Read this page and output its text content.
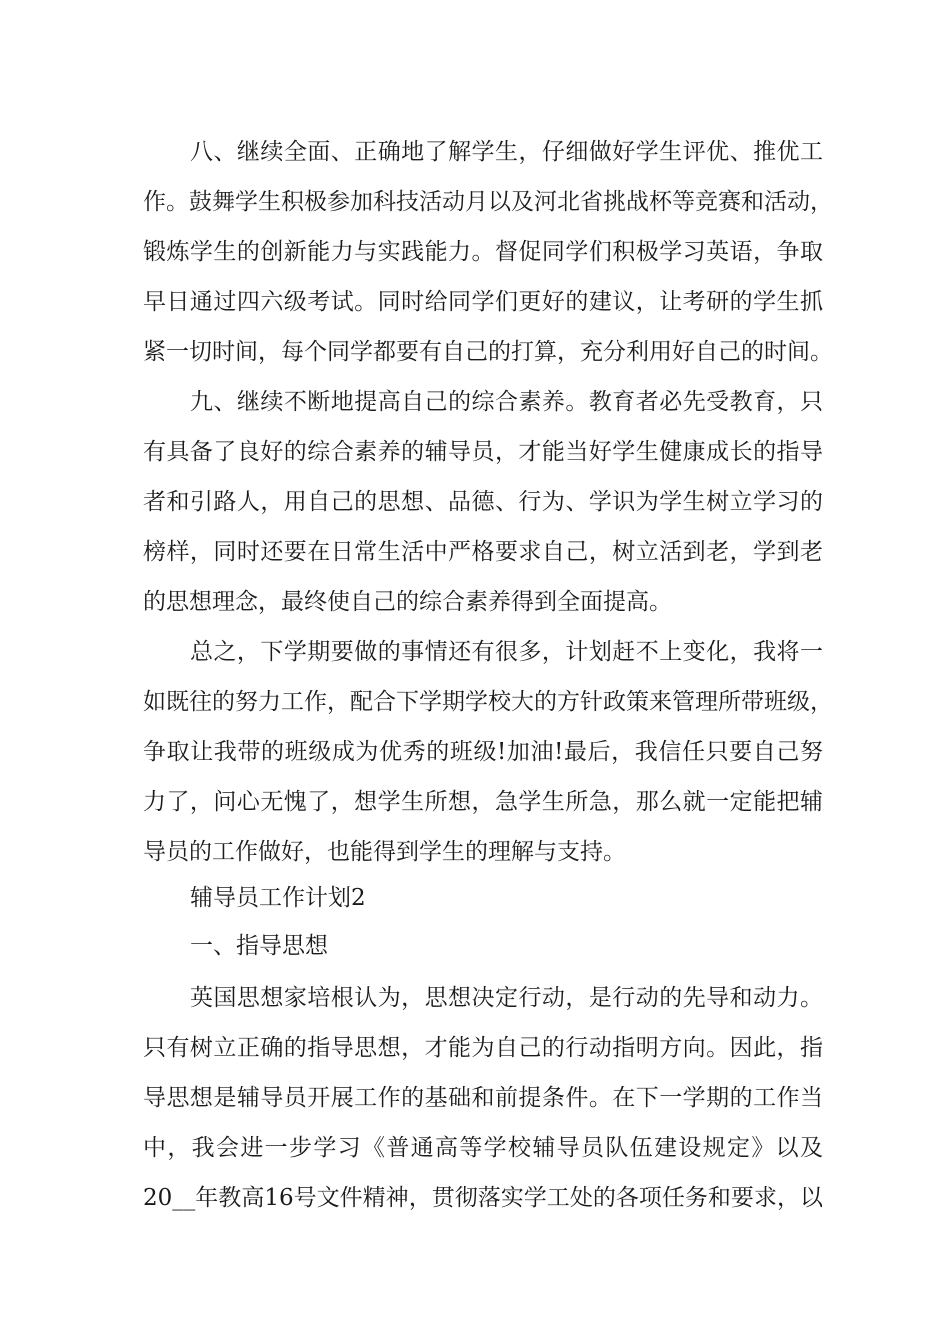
八、继续全面、正确地了解学生，仔细做好学生评优、推优工
作。鼓舞学生积极参加科技活动月以及河北省挑战杯等竞赛和活动，
锻炼学生的创新能力与实践能力。督促同学们积极学习英语，争取
早日通过四六级考试。同时给同学们更好的建议，让考研的学生抓
紧一切时间，每个同学都要有自己的打算，充分利用好自己的时间。
九、继续不断地提高自己的综合素养。教育者必先受教育，只
有具备了良好的综合素养的辅导员，才能当好学生健康成长的指导
者和引路人，用自己的思想、品德、行为、学识为学生树立学习的
榜样，同时还要在日常生活中严格要求自己，树立活到老，学到老
的思想理念，最终使自己的综合素养得到全面提高。
总之，下学期要做的事情还有很多，计划赶不上变化，我将一
如既往的努力工作，配合下学期学校大的方针政策来管理所带班级，
争取让我带的班级成为优秀的班级!加油!最后，我信任只要自己努
力了，问心无愧了，想学生所想，急学生所急，那么就一定能把辅
导员的工作做好，也能得到学生的理解与支持。
辅导员工作计划2
一、指导思想
英国思想家培根认为，思想决定行动，是行动的先导和动力。
只有树立正确的指导思想，才能为自己的行动指明方向。因此，指
导思想是辅导员开展工作的基础和前提条件。在下一学期的工作当
中，我会进一步学习《普通高等学校辅导员队伍建设规定》以及
20__年教高16号文件精神，贯彻落实学工处的各项任务和要求，以
